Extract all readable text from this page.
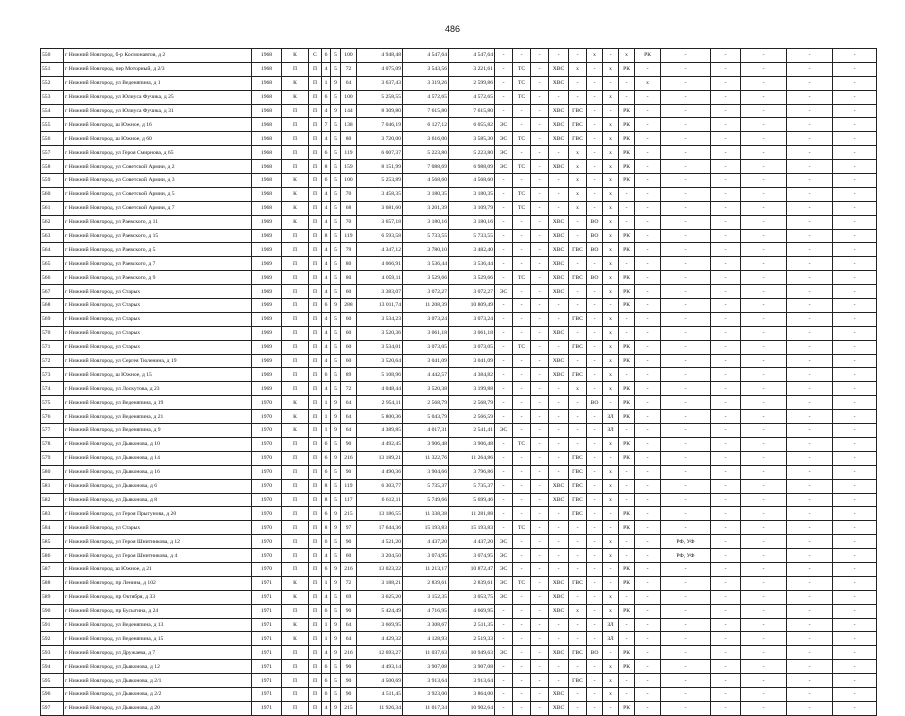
486
550	г Нижний Новгород, б-р Космонавтов, д 2	1968	К	С	6	5	100	4 948,48	4 547,64	4 547,64	-	-	-	-	-	х	-	х	РК	-	-	-	-	-
551	г Нижний Новгород, пер Моторный, д 2/3	1968	П	П	4	5	72	4 075,09	3 543,56	3 221,61	-	ТС	-	ХВС	х	-	х	РК	-	-	-	-	-	-
552	г Нижний Новгород, ул Веденяпина, д 1	1968	К	П	1	9	64	3 637,43	3 319,26	2 599,86	-	ТС	-	ХВС	-	-	-	-	х	-	-	-	-	-
553	г Нижний Новгород, ул Юлиуса Фучика, д 25	1968	К	П	6	5	100	5 258,55	4 572,65	4 572,65	-	ТС	-	-	-	-	х	-	-	-	-	-	-	-
554	г Нижний Новгород, ул Юлиуса Фучика, д 31	1968	П	П	4	9	144	8 309,80	7 615,80	7 615,80	-	-	-	ХВС	ГВС	-	-	РК	-	-	-	-	-	-
555	г Нижний Новгород, ш Южное, д 16	1968	П	П	7	5	138	7 046,19	6 127,12	6 055,82	ЭС	-	-	ХВС	ГВС	-	х	РК	-	-	-	-	-	-
556	г Нижний Новгород, ш Южное, д 60	1968	П	П	4	5	80	3 720,00	3 616,00	3 585,30	ЭС	ТС	-	ХВС	ГВС	-	х	РК	-	-	-	-	-	-
557	г Нижний Новгород, ул Героя Смирнова, д 65	1968	П	П	6	5	119	6 007,37	5 223,80	5 223,80	ЭС	-	-	-	х	-	х	РК	-	-	-	-	-	-
558	г Нижний Новгород, ул Советской Армии, д 2	1968	П	П	8	5	159	8 151,99	7 088,69	6 988,09	ЭС	ТС	-	ХВС	х	-	х	РК	-	-	-	-	-	-
559	г Нижний Новгород, ул Советской Армии, д 3	1968	К	П	6	5	100	5 253,89	4 568,60	4 568,60	-	-	-	-	х	-	х	РК	-	-	-	-	-	-
560	г Нижний Новгород, ул Советской Армии, д 5	1968	К	П	4	5	70	3 458,35	3 180,35	3 180,35	-	ТС	-	-	х	-	х	-	-	-	-	-	-	-
561	г Нижний Новгород, ул Советской Армии, д 7	1968	К	П	4	5	68	3 681,60	3 201,39	3 109,79	-	ТС	-	-	х	-	х	-	-	-	-	-	-	-
562	г Нижний Новгород, ул Раевского, д 11	1969	К	П	4	5	70	3 657,18	3 180,16	3 180,16	-	-	-	ХВС	-	ВО	х	-	-	-	-	-	-	-
563	г Нижний Новгород, ул Раевского, д 15	1969	П	П	8	5	119	6 593,58	5 733,55	5 733,55	-	-	-	ХВС	-	ВО	х	РК	-	-	-	-	-	-
564	г Нижний Новгород, ул Раевского, д 5	1969	П	П	4	5	79	4 347,12	3 780,10	3 482,40	-	-	-	ХВС	ГВС	ВО	х	РК	-	-	-	-	-	-
565	г Нижний Новгород, ул Раевского, д 7	1969	П	П	4	5	80	4 066,91	3 536,44	3 536,44	-	-	-	ХВС	-	-	х	-	-	-	-	-	-	-
566	г Нижний Новгород, ул Раевского, д 9	1969	П	П	4	5	80	4 059,11	3 529,66	3 529,66	-	ТС	-	ХВС	ГВС	ВО	х	РК	-	-	-	-	-	-
567	г Нижний Новгород, ул Старых	1969	П	П	4	5	60	3 383,07	3 072,27	3 072,27	ЭС	-	-	ХВС	-	-	х	РК	-	-	-	-	-	-
568	г Нижний Новгород, ул Старых	1969	П	П	6	9	288	13 011,74	11 208,39	10 809,49	-	-	-	-	-	-	-	РК	-	-	-	-	-	-
569	г Нижний Новгород, ул Старых	1969	П	П	4	5	60	3 534,23	3 073,24	3 073,24	-	-	-	-	ГВС	-	х	-	-	-	-	-	-	-
570	г Нижний Новгород, ул Старых	1969	П	П	4	5	60	3 520,36	3 061,18	3 061,18	-	-	-	ХВС	-	-	х	-	-	-	-	-	-	-
571	г Нижний Новгород, ул Старых	1969	П	П	4	5	60	3 534,01	3 073,05	3 073,05	-	ТС	-	-	ГВС	-	х	РК	-	-	-	-	-	-
572	г Нижний Новгород, ул Сергея Тюленина, д 19	1969	П	П	4	5	60	3 520,64	3 041,09	3 041,09	-	-	-	ХВС	-	-	х	РК	-	-	-	-	-	-
573	г Нижний Новгород, ш Южное, д 15	1969	П	П	6	5	89	5 108,96	4 442,57	4 384,82	-	-	-	ХВС	ГВС	-	х	-	-	-	-	-	-	-
574	г Нижний Новгород, ул Лоскутова, д 23	1969	П	П	4	5	72	4 048,44	3 520,38	3 199,88	-	-	-	-	х	-	х	РК	-	-	-	-	-	-
575	г Нижний Новгород, ул Веденяпина, д 19	1970	К	П	1	9	64	2 954,11	2 568,79	2 568,79	-	-	-	-	-	ВО	-	РК	-	-	-	-	-	-
576	г Нижний Новгород, ул Веденяпина, д 21	1970	К	П	1	9	64	5 800,36	5 043,79	2 566,59	-	-	-	-	-	-	ЗЛ	РК	-	-	-	-	-	-
577	г Нижний Новгород, ул Веденяпина, д 9	1970	К	П	1	9	64	4 389,85	4 017,31	2 541,41	ЭС	-	-	-	-	-	ЗЛ	-	-	-	-	-	-	-
578	г Нижний Новгород, ул Дьяконова, д 10	1970	П	П	6	5	90	4 492,45	3 906,48	3 906,48	-	ТС	-	-	-	-	х	РК	-	-	-	-	-	-
579	г Нижний Новгород, ул Дьяконова, д 14	1970	П	П	6	9	216	13 189,21	11 322,76	11 264,86	-	-	-	-	ГВС	-	-	РК	-	-	-	-	-	-
580	г Нижний Новгород, ул Дьяконова, д 16	1970	П	П	6	5	90	4 490,36	3 904,66	3 796,86	-	-	-	-	ГВС	-	х	-	-	-	-	-	-	-
581	г Нижний Новгород, ул Дьяконова, д 6	1970	П	П	8	5	119	6 303,77	5 735,37	5 735,37	-	-	-	ХВС	ГВС	-	х	-	-	-	-	-	-	-
582	г Нижний Новгород, ул Дьяконова, д 8	1970	П	П	8	5	117	6 612,11	5 749,66	5 699,46	-	-	-	ХВС	ГВС	-	х	-	-	-	-	-	-	-
583	г Нижний Новгород, ул Героя Прыгунова, д 20	1970	П	П	6	9	215	13 186,55	11 338,38	11 281,88	-	-	-	-	ГВС	-	-	РК	-	-	-	-	-	-
584	г Нижний Новгород, ул Старых	1970	П	П	8	9	97	17 644,36	15 193,83	15 193,83	-	ТС	-	-	-	-	-	РК	-	-	-	-	-	-
585	г Нижний Новгород, ул Героя Шнитникова, д 12	1970	П	П	6	5	90	4 521,20	4 437,20	4 437,20	ЭС	-	-	-	-	-	х	-	-	РФ, УФ	-	-	-	-
586	г Нижний Новгород, ул Героя Шнитникова, д 4	1970	П	П	4	5	60	3 204,50	3 074,95	3 074,95	ЭС	-	-	-	-	-	х	-	-	РФ, УФ	-	-	-	-
587	г Нижний Новгород, ш Южное, д 21	1970	П	П	6	9	216	13 023,22	11 213,17	10 872,47	ЭС	-	-	-	-	-	-	РК	-	-	-	-	-	-
588	г Нижний Новгород, пр Ленина, д 102	1971	К	П	1	9	72	3 188,21	2 839,61	2 839,61	ЭС	ТС	-	ХВС	ГВС	-	-	РК	-	-	-	-	-	-
589	г Нижний Новгород, пр Октября, д 33	1971	К	П	4	5	69	3 625,20	3 152,35	3 053,75	ЭС	-	-	ХВС	-	-	х	-	-	-	-	-	-	-
590	г Нижний Новгород, пр Бусыгина, д 24	1971	П	П	6	5	90	5 424,49	4 716,95	4 669,95	-	-	-	ХВС	х	-	х	РК	-	-	-	-	-	-
591	г Нижний Новгород, ул Веденяпина, д 13	1971	К	П	1	9	64	3 669,95	3 308,67	2 511,35	-	-	-	-	-	-	ЗЛ	-	-	-	-	-	-	-
592	г Нижний Новгород, ул Веденяпина, д 15	1971	К	П	1	9	64	4 429,32	4 128,93	2 519,33	-	-	-	-	-	-	ЗЛ	-	-	-	-	-	-	-
593	г Нижний Новгород, ул Дружаева, д 7	1971	П	П	4	9	216	12 693,27	11 037,63	10 949,63	ЭС	-	-	ХВС	ГВС	ВО	-	РК	-	-	-	-	-	-
594	г Нижний Новгород, ул Дьяконова, д 12	1971	П	П	6	5	90	4 493,14	3 907,08	3 907,08	-	-	-	-	-	-	х	РК	-	-	-	-	-	-
595	г Нижний Новгород, ул Дьяконова, д 2/1	1971	П	П	6	5	90	4 500,69	3 913,64	3 913,64	-	-	-	-	ГВС	-	х	-	-	-	-	-	-	-
596	г Нижний Новгород, ул Дьяконова, д 2/2	1971	П	П	6	5	90	4 511,45	3 923,00	3 864,00	-	-	-	ХВС	-	-	х	-	-	-	-	-	-	-
597	г Нижний Новгород, ул Дьяконова, д 20	1971	П	П	4	9	215	11 926,34	11 017,34	10 902,64	-	-	-	ХВС	-	-	-	РК	-	-	-	-	-	-
